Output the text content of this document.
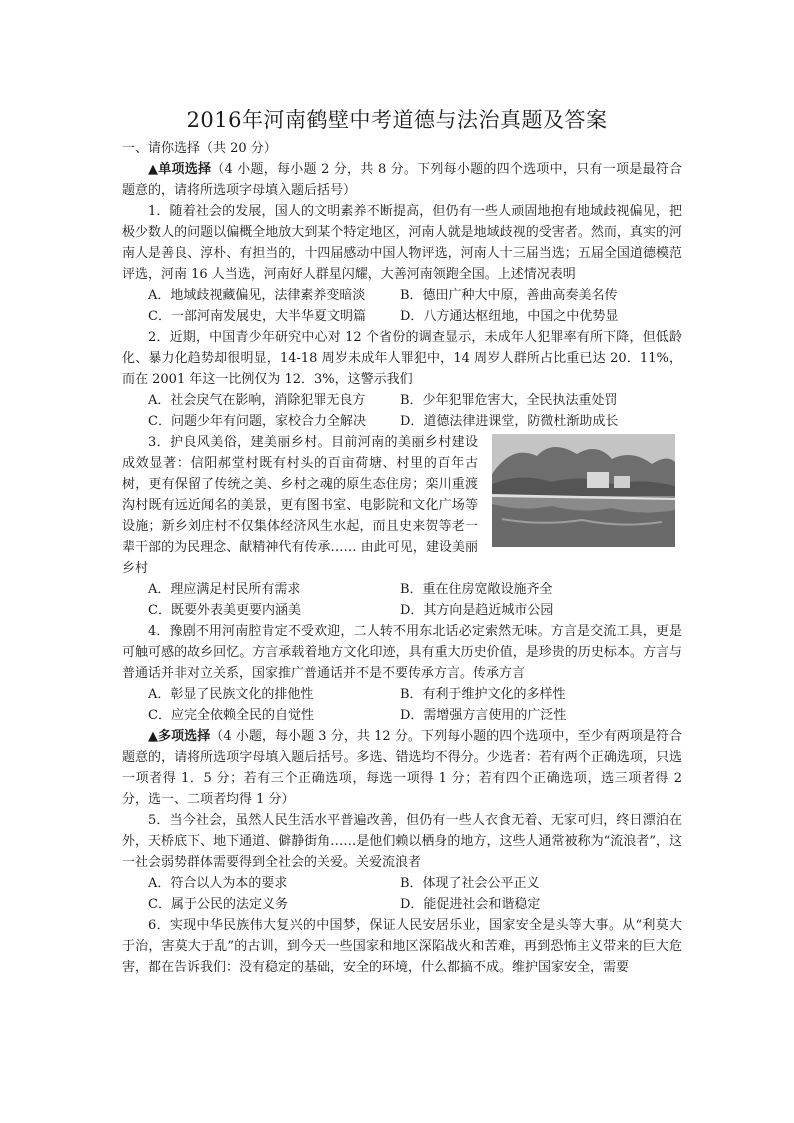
2016年河南鹤壁中考道德与法治真题及答案

一、请你选择（共 20 分）

▲单项选择（4 小题，每小题 2 分，共 8 分。下列每小题的四个选项中，只有一项是最符合题意的，请将所选项字母填入题后括号）

1．随着社会的发展，国人的文明素养不断提高，但仍有一些人顽固地抱有地域歧视偏见，把极少数人的问题以偏概全地放大到某个特定地区，河南人就是地域歧视的受害者。然而，真实的河南人是善良、淳朴、有担当的，十四届感动中国人物评选，河南人十三届当选；五届全国道德模范评选，河南 16 人当选，河南好人群星闪耀，大善河南领跑全国。上述情况表明

A．地域歧视藏偏见，法律素养变暗淡	B．德田广种大中原，善曲高奏美名传
C．一部河南发展史，大半华夏文明篇	D．八方通达枢纽地，中国之中优势显

2．近期，中国青少年研究中心对 12 个省份的调查显示，未成年人犯罪率有所下降，但低龄化、暴力化趋势却很明显，14-18 周岁未成年人罪犯中，14 周岁人群所占比重已达 20．11%，而在 2001 年这一比例仅为 12．3%，这警示我们

A．社会戾气在影响，消除犯罪无良方	B．少年犯罪危害大，全民执法重处罚
C．问题少年有问题，家校合力全解决	D．道德法律进课堂，防微杜渐助成长

3．护良风美俗，建美丽乡村。目前河南的美丽乡村建设成效显著：信阳郝堂村既有村头的百亩荷塘、村里的百年古树，更有保留了传统之美、乡村之魂的原生态住房；栾川重渡沟村既有远近闻名的美景，更有图书室、电影院和文化广场等设施；新乡刘庄村不仅集体经济风生水起，而且史来贺等老一辈干部的为民理念、献精神代有传承…… 由此可见，建设美丽乡村

A．理应满足村民所有需求	B．重在住房宽敞设施齐全
C．既要外表美更要内涵美	D．其方向是趋近城市公园

4．豫剧不用河南腔肯定不受欢迎，二人转不用东北话必定索然无味。方言是交流工具，更是可触可感的故乡回忆。方言承载着地方文化印迹，具有重大历史价值，是珍贵的历史标本。方言与普通话并非对立关系，国家推广普通话并不是不要传承方言。传承方言

A．彰显了民族文化的排他性	B．有利于维护文化的多样性
C．应完全依赖全民的自觉性	D．需增强方言使用的广泛性

▲多项选择（4 小题，每小题 3 分，共 12 分。下列每小题的四个选项中，至少有两项是符合题意的，请将所选项字母填入题后括号。多选、错选均不得分。少选者：若有两个正确选项，只选一项者得 1．5 分；若有三个正确选项，每选一项得 1 分；若有四个正确选项，选三项者得 2 分，选一、二项者均得 1 分）

5．当今社会，虽然人民生活水平普遍改善，但仍有一些人衣食无着、无家可归，终日漂泊在外，天桥底下、地下通道、僻静街角……是他们赖以栖身的地方，这些人通常被称为“流浪者”，这一社会弱势群体需要得到全社会的关爱。关爱流浪者

A．符合以人为本的要求	B．体现了社会公平正义
C．属于公民的法定义务	D．能促进社会和谐稳定

6．实现中华民族伟大复兴的中国梦，保证人民安居乐业，国家安全是头等大事。从“利莫大于治，害莫大于乱”的古训，到今天一些国家和地区深陷战火和苦难，再到恐怖主义带来的巨大危害，都在告诉我们：没有稳定的基础，安全的环境，什么都搞不成。维护国家安全，需要
